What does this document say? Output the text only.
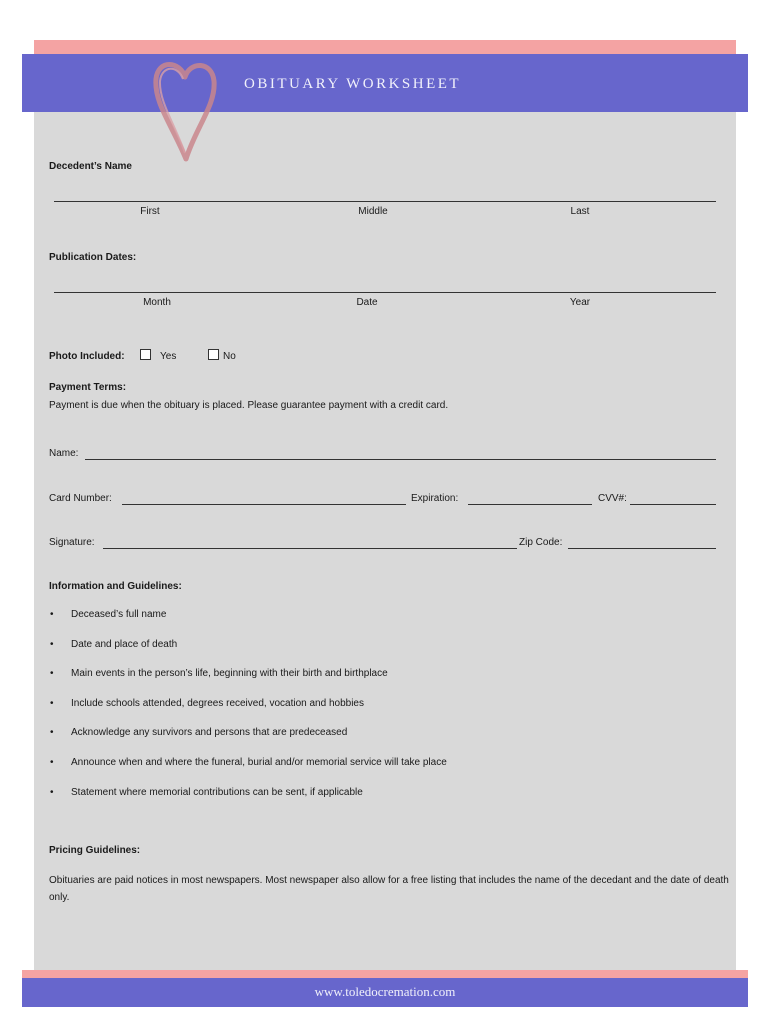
OBITUARY WORKSHEET
Decedent’s Name
First	Middle	Last
Publication Dates:
Month	Date	Year
Photo Included:	Yes	No
Payment Terms:
Payment is due when the obituary is placed. Please guarantee payment with a credit card.
Name:
Card Number:	Expiration:	CVV#:
Signature:	Zip Code:
Information and Guidelines:
• Deceased’s full name
• Date and place of death
• Main events in the person’s life, beginning with their birth and birthplace
• Include schools attended, degrees received, vocation and hobbies
• Acknowledge any survivors and persons that are predeceased
• Announce when and where the funeral, burial and/or memorial service will take place
• Statement where memorial contributions can be sent, if applicable
Pricing Guidelines:
Obituaries are paid notices in most newspapers. Most newspaper also allow for a free listing that includes the name of the decedant and the date of death only.
www.toledocremation.com
